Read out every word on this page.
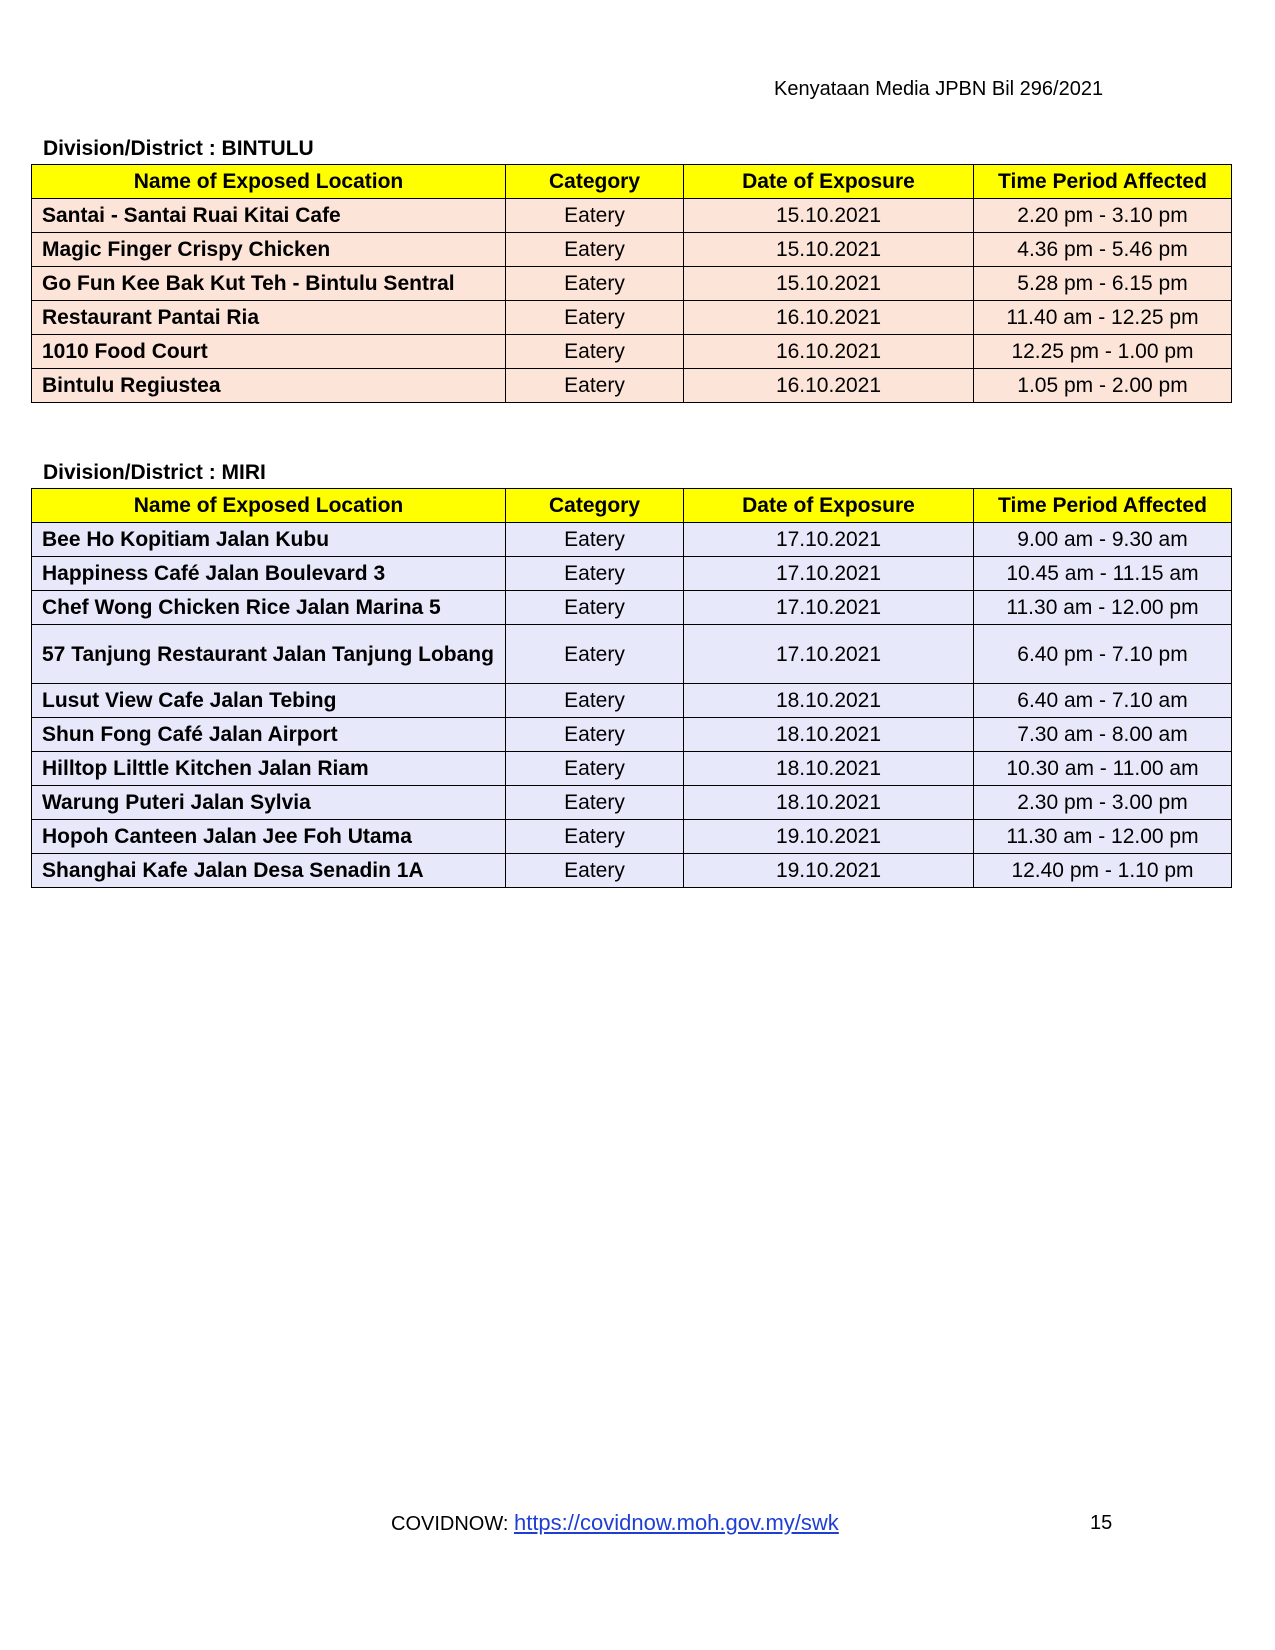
Kenyataan Media JPBN Bil 296/2021
Division/District : BINTULU
Name of Exposed Location	Category	Date of Exposure	Time Period Affected
Santai - Santai Ruai Kitai Cafe	Eatery	15.10.2021	2.20 pm - 3.10 pm
Magic Finger Crispy Chicken	Eatery	15.10.2021	4.36 pm - 5.46 pm
Go Fun Kee Bak Kut Teh - Bintulu Sentral	Eatery	15.10.2021	5.28 pm - 6.15 pm
Restaurant Pantai Ria	Eatery	16.10.2021	11.40 am - 12.25 pm
1010 Food Court	Eatery	16.10.2021	12.25 pm - 1.00 pm
Bintulu Regiustea	Eatery	16.10.2021	1.05 pm - 2.00 pm
Division/District : MIRI
Name of Exposed Location	Category	Date of Exposure	Time Period Affected
Bee Ho Kopitiam Jalan Kubu	Eatery	17.10.2021	9.00 am - 9.30 am
Happiness Café Jalan Boulevard 3	Eatery	17.10.2021	10.45 am - 11.15 am
Chef Wong Chicken Rice Jalan Marina 5	Eatery	17.10.2021	11.30 am - 12.00 pm
57 Tanjung Restaurant Jalan Tanjung Lobang	Eatery	17.10.2021	6.40 pm - 7.10 pm
Lusut View Cafe Jalan Tebing	Eatery	18.10.2021	6.40 am - 7.10 am
Shun Fong Café Jalan Airport	Eatery	18.10.2021	7.30 am - 8.00 am
Hilltop Lilttle Kitchen Jalan Riam	Eatery	18.10.2021	10.30 am - 11.00 am
Warung Puteri Jalan Sylvia	Eatery	18.10.2021	2.30 pm - 3.00 pm
Hopoh Canteen Jalan Jee Foh Utama	Eatery	19.10.2021	11.30 am - 12.00 pm
Shanghai Kafe Jalan Desa Senadin 1A	Eatery	19.10.2021	12.40 pm - 1.10 pm
COVIDNOW: https://covidnow.moh.gov.my/swk	15
